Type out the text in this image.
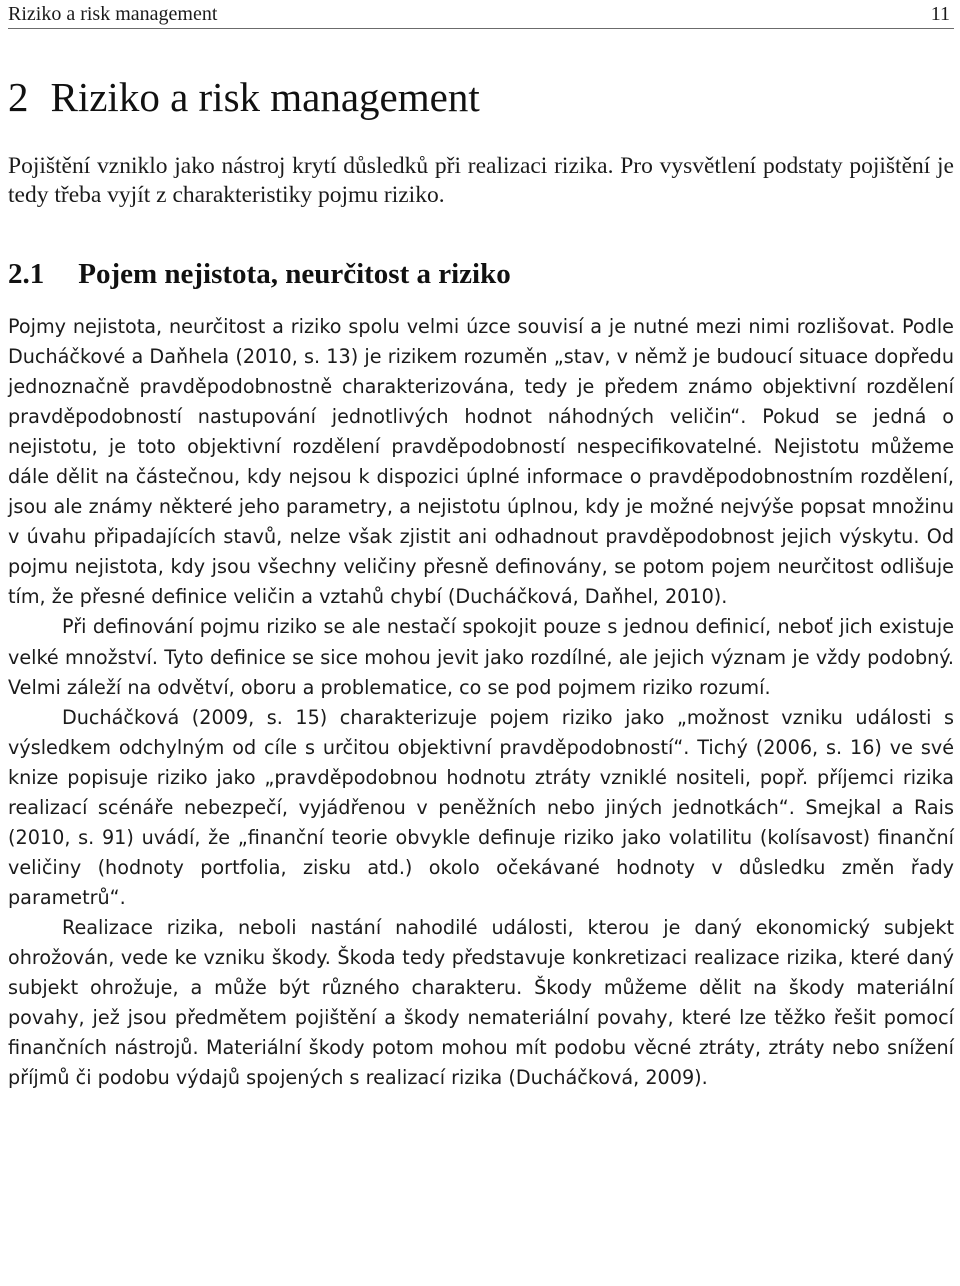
Riziko a risk management	11
2 Riziko a risk management

Pojištění vzniklo jako nástroj krytí důsledků při realizaci rizika. Pro vysvětlení podstaty pojištění je tedy třeba vyjít z charakteristiky pojmu riziko.

2.1 Pojem nejistota, neurčitost a riziko

Pojmy nejistota, neurčitost a riziko spolu velmi úzce souvisí a je nutné mezi nimi rozlišovat. Podle Ducháčkové a Daňhela (2010, s. 13) je rizikem rozuměn „stav, v němž je budoucí situace dopředu jednoznačně pravděpodobnostně charakterizována, tedy je předem známo objektivní rozdělení pravděpodobností nastupování jednotlivých hodnot náhodných veličin“. Pokud se jedná o nejistotu, je toto objektivní rozdělení pravděpodobností nespecifikovatelné. Nejistotu můžeme dále dělit na částečnou, kdy nejsou k dispozici úplné informace o pravděpodobnostním rozdělení, jsou ale známy některé jeho parametry, a nejistotu úplnou, kdy je možné nejvýše popsat množinu v úvahu připadajících stavů, nelze však zjistit ani odhadnout pravděpodobnost jejich výskytu. Od pojmu nejistota, kdy jsou všechny veličiny přesně definovány, se potom pojem neurčitost odlišuje tím, že přesné definice veličin a vztahů chybí (Ducháčková, Daňhel, 2010).

Při definování pojmu riziko se ale nestačí spokojit pouze s jednou definicí, neboť jich existuje velké množství. Tyto definice se sice mohou jevit jako rozdílné, ale jejich význam je vždy podobný. Velmi záleží na odvětví, oboru a problematice, co se pod pojmem riziko rozumí.

Ducháčková (2009, s. 15) charakterizuje pojem riziko jako „možnost vzniku události s výsledkem odchylným od cíle s určitou objektivní pravděpodobností“. Tichý (2006, s. 16) ve své knize popisuje riziko jako „pravděpodobnou hodnotu ztráty vzniklé nositeli, popř. příjemci rizika realizací scénáře nebezpečí, vyjádřenou v peněžních nebo jiných jednotkách“. Smejkal a Rais (2010, s. 91) uvádí, že „finanční teorie obvykle definuje riziko jako volatilitu (kolísavost) finanční veličiny (hodnoty portfolia, zisku atd.) okolo očekávané hodnoty v důsledku změn řady parametrů“.

Realizace rizika, neboli nastání nahodilé události, kterou je daný ekonomický subjekt ohrožován, vede ke vzniku škody. Škoda tedy představuje konkretizaci realizace rizika, které daný subjekt ohrožuje, a může být různého charakteru. Škody můžeme dělit na škody materiální povahy, jež jsou předmětem pojištění a škody nemateriální povahy, které lze těžko řešit pomocí finančních nástrojů. Materiální škody potom mohou mít podobu věcné ztráty, ztráty nebo snížení příjmů či podobu výdajů spojených s realizací rizika (Ducháčková, 2009).
